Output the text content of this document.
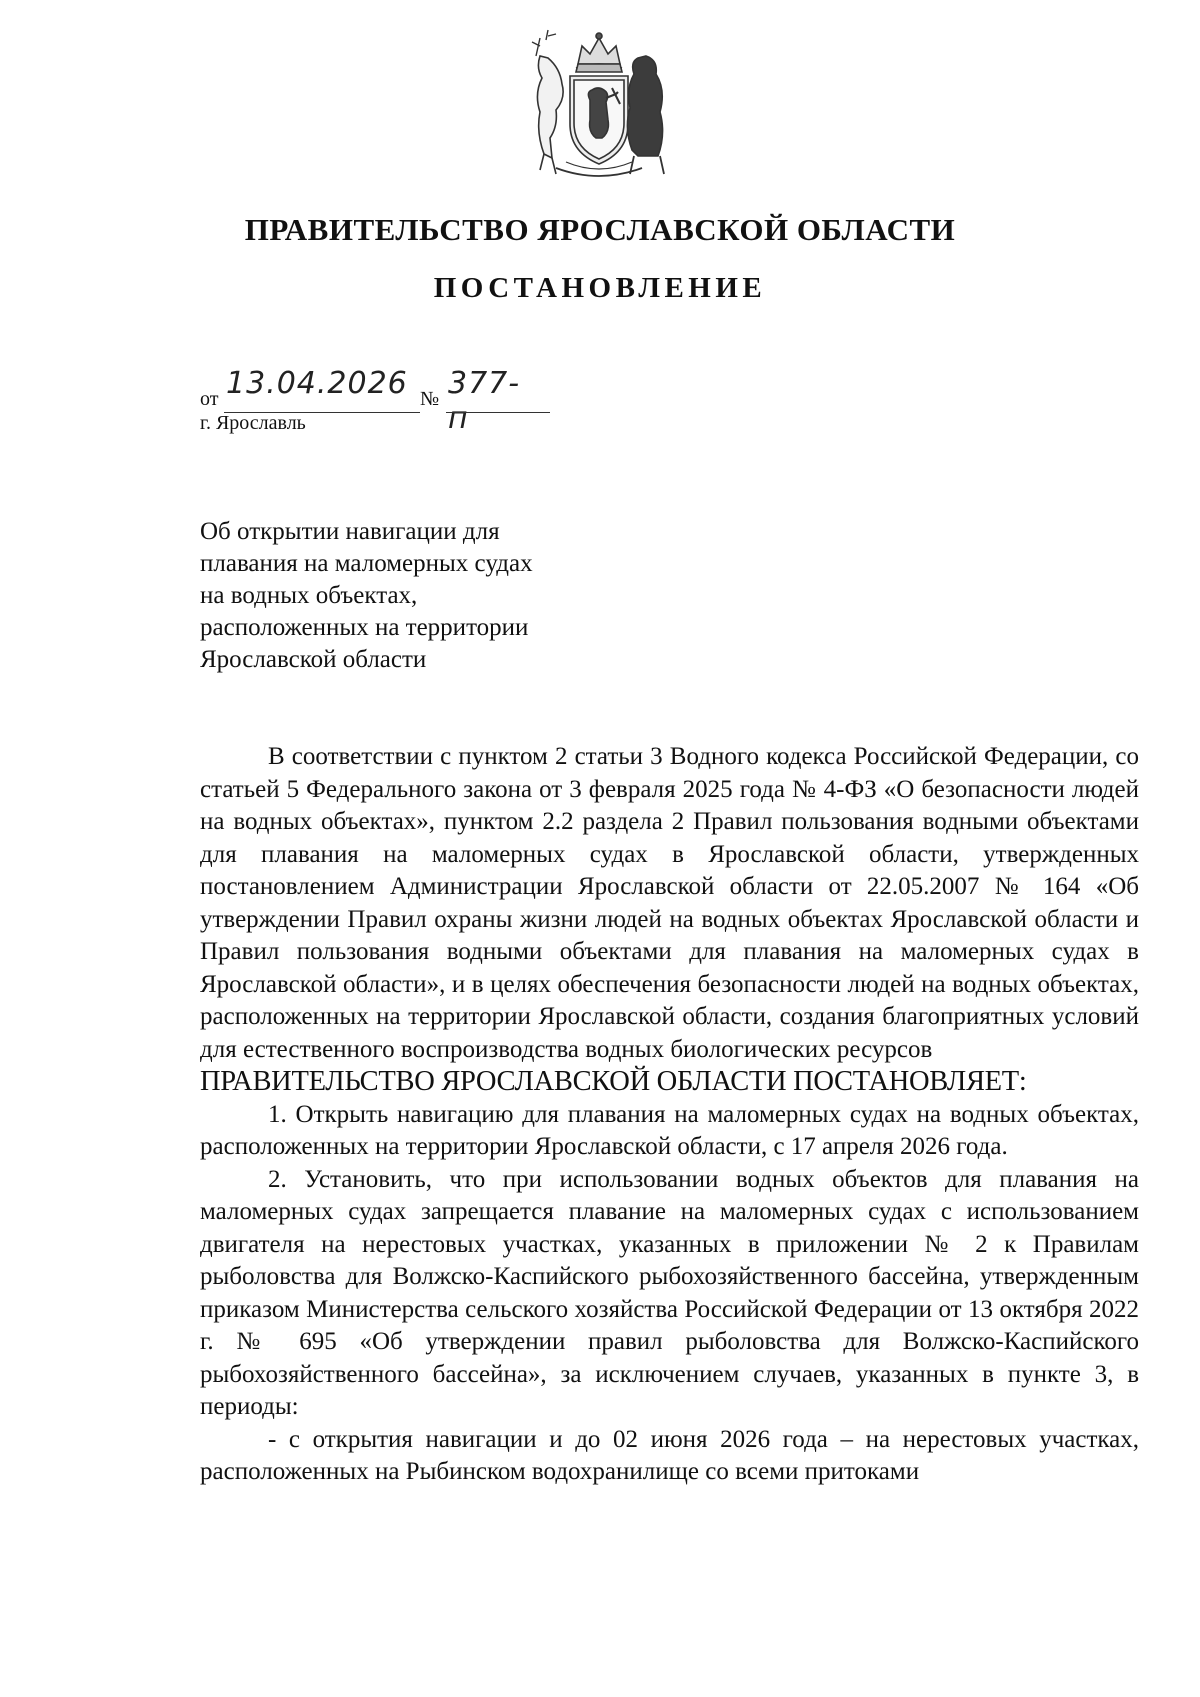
ПРАВИТЕЛЬСТВО ЯРОСЛАВСКОЙ ОБЛАСТИ
ПОСТАНОВЛЕНИЕ
от 13.04.2026 № 377-п

г. Ярославль

Об открытии навигации для
плавания на маломерных судах
на водных объектах,
расположенных на территории
Ярославской области

В соответствии с пунктом 2 статьи 3 Водного кодекса Российской Федерации, со статьей 5 Федерального закона от 3 февраля 2025 года № 4-ФЗ «О безопасности людей на водных объектах», пунктом 2.2 раздела 2 Правил пользования водными объектами для плавания на маломерных судах в Ярославской области, утвержденных постановлением Администрации Ярославской области от 22.05.2007 № 164 «Об утверждении Правил охраны жизни людей на водных объектах Ярославской области и Правил пользования водными объектами для плавания на маломерных судах в Ярославской области», и в целях обеспечения безопасности людей на водных объектах, расположенных на территории Ярославской области, создания благоприятных условий для естественного воспроизводства водных биологических ресурсов

ПРАВИТЕЛЬСТВО ЯРОСЛАВСКОЙ ОБЛАСТИ ПОСТАНОВЛЯЕТ:

1. Открыть навигацию для плавания на маломерных судах на водных объектах, расположенных на территории Ярославской области, с 17 апреля 2026 года.

2. Установить, что при использовании водных объектов для плавания на маломерных судах запрещается плавание на маломерных судах с использованием двигателя на нерестовых участках, указанных в приложении № 2 к Правилам рыболовства для Волжско-Каспийского рыбохозяйственного бассейна, утвержденным приказом Министерства сельского хозяйства Российской Федерации от 13 октября 2022 г. № 695 «Об утверждении правил рыболовства для Волжско-Каспийского рыбохозяйственного бассейна», за исключением случаев, указанных в пункте 3, в периоды:

- с открытия навигации и до 02 июня 2026 года – на нерестовых участках, расположенных на Рыбинском водохранилище со всеми притоками
